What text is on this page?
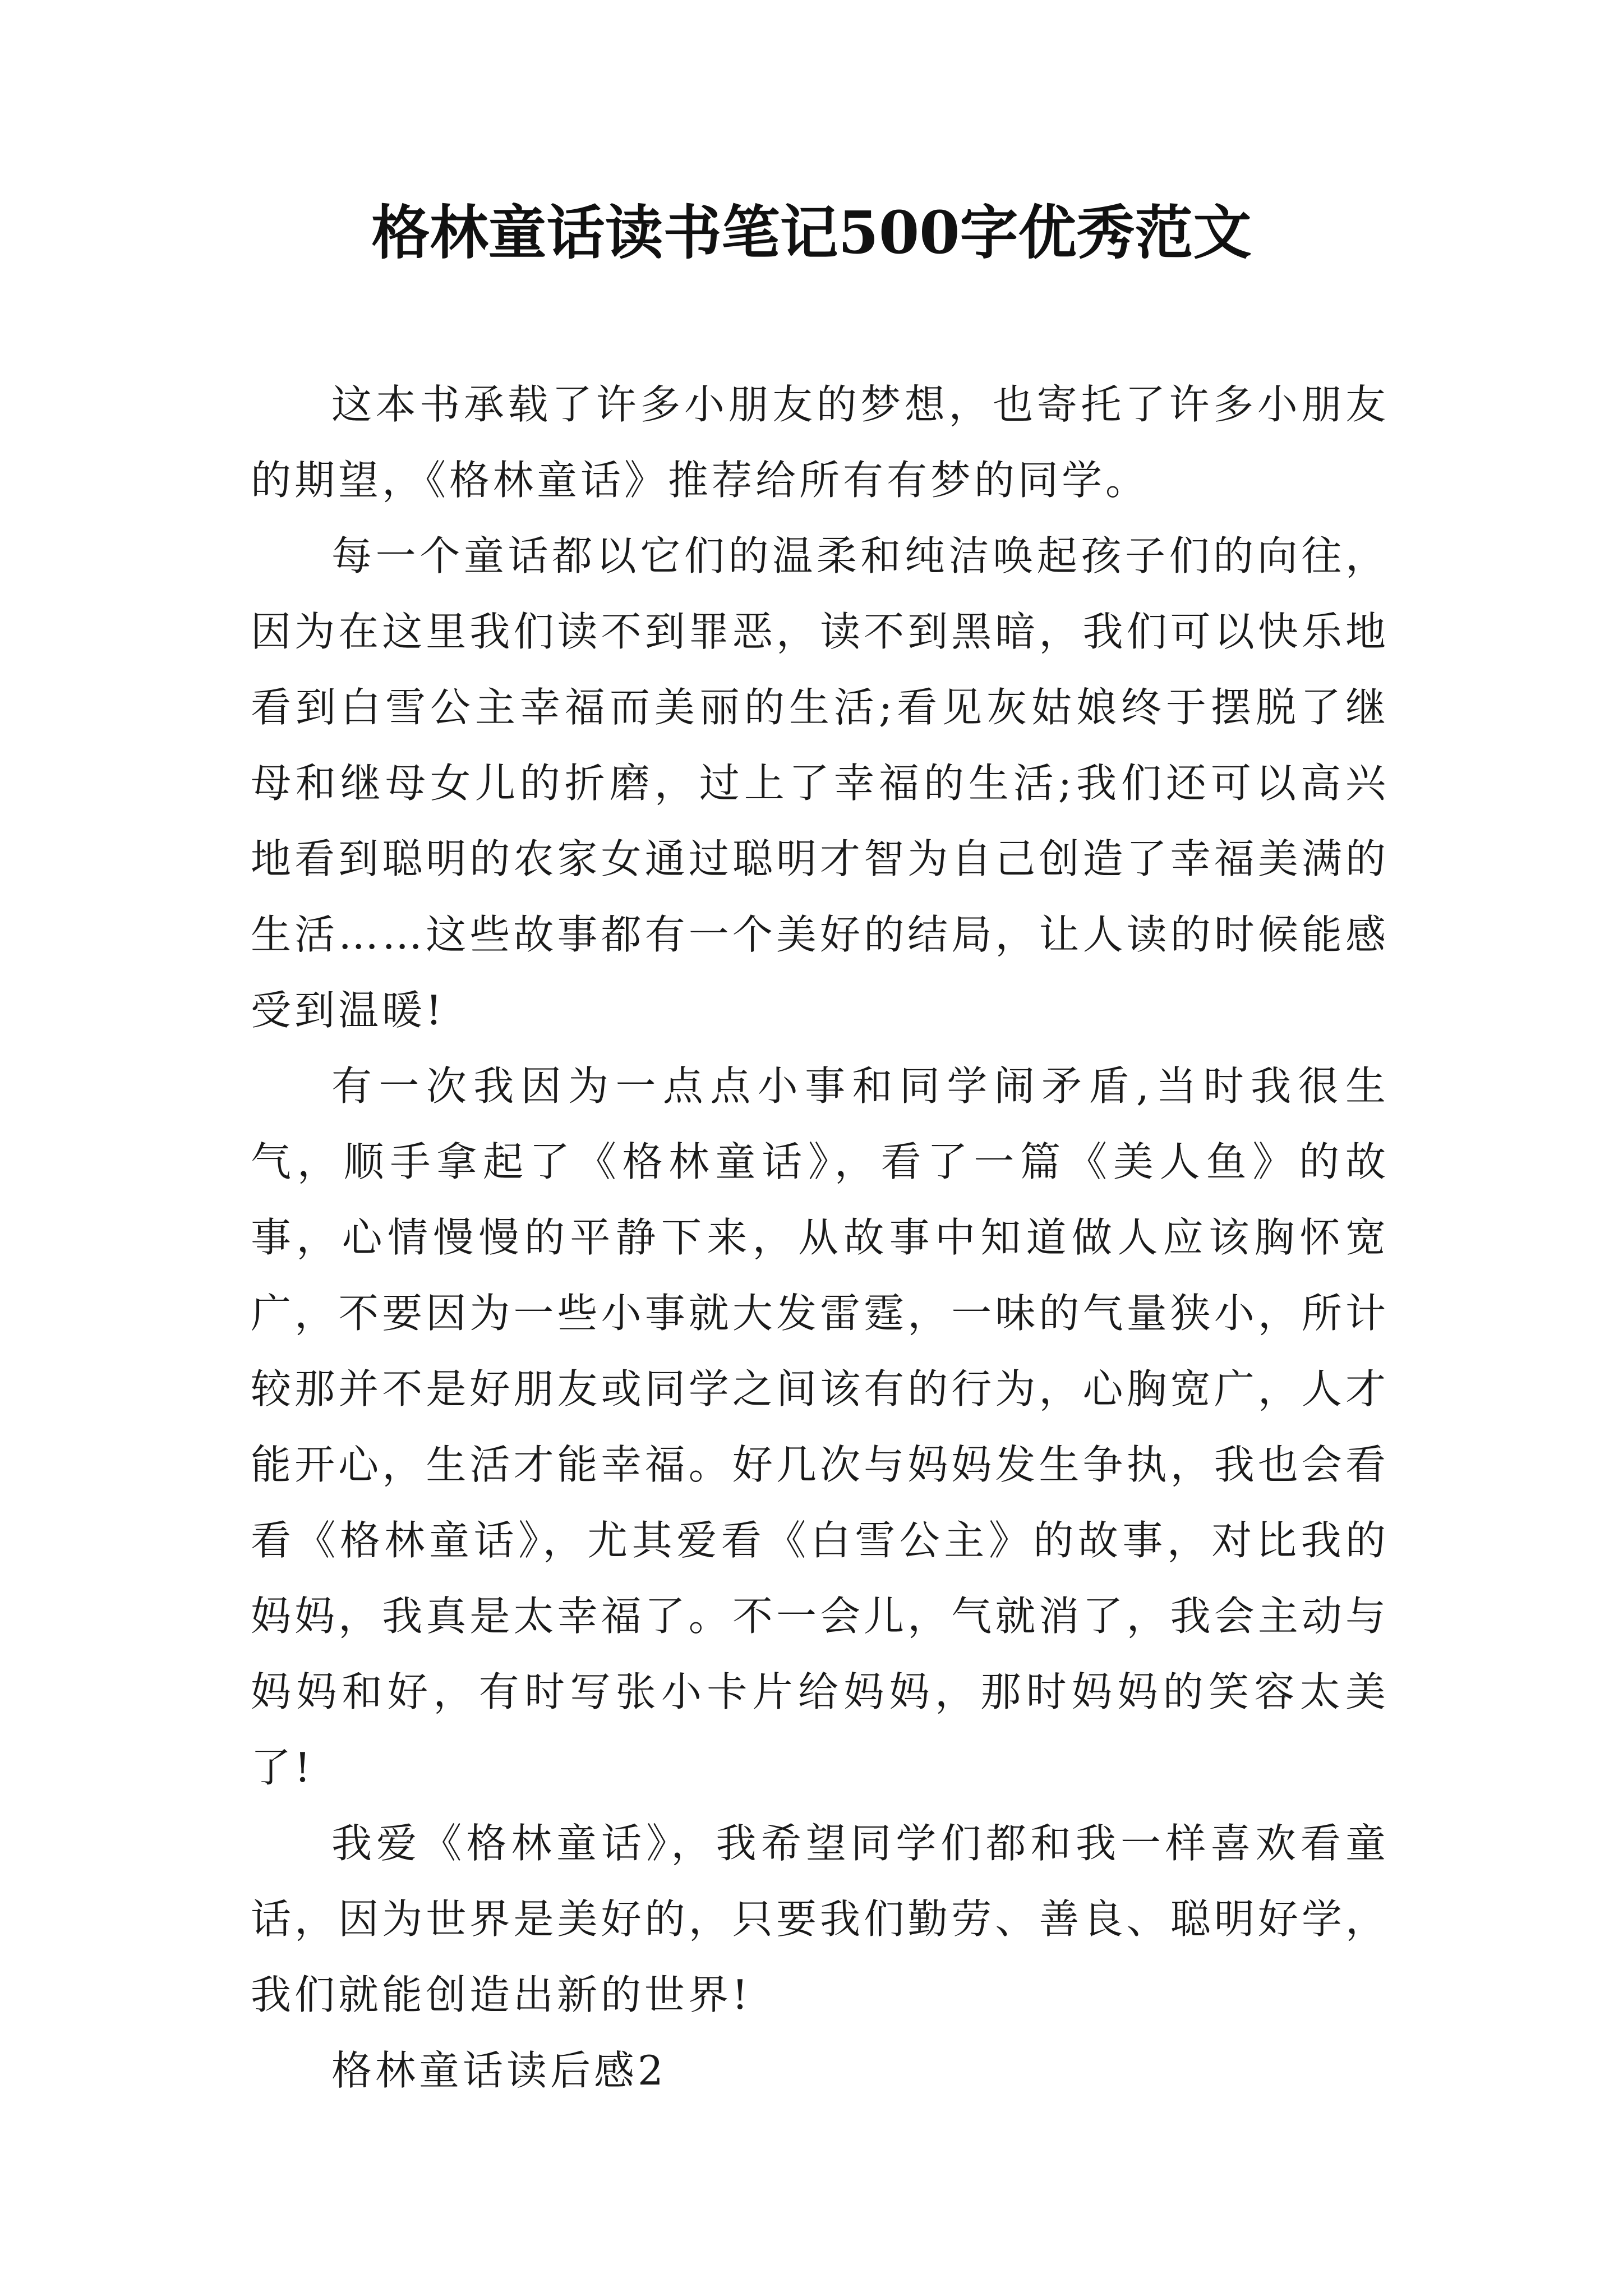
格林童话读书笔记500字优秀范文

这本书承载了许多小朋友的梦想，也寄托了许多小朋友的期望，《格林童话》推荐给所有有梦的同学。

每一个童话都以它们的温柔和纯洁唤起孩子们的向往，因为在这里我们读不到罪恶，读不到黑暗，我们可以快乐地看到白雪公主幸福而美丽的生活;看见灰姑娘终于摆脱了继母和继母女儿的折磨，过上了幸福的生活;我们还可以高兴地看到聪明的农家女通过聪明才智为自己创造了幸福美满的生活……这些故事都有一个美好的结局，让人读的时候能感受到温暖!

有一次我因为一点点小事和同学闹矛盾,当时我很生气，顺手拿起了《格林童话》，看了一篇《美人鱼》的故事，心情慢慢的平静下来，从故事中知道做人应该胸怀宽广，不要因为一些小事就大发雷霆，一味的气量狭小，所计较那并不是好朋友或同学之间该有的行为，心胸宽广，人才能开心，生活才能幸福。好几次与妈妈发生争执，我也会看看《格林童话》，尤其爱看《白雪公主》的故事，对比我的妈妈，我真是太幸福了。不一会儿，气就消了，我会主动与妈妈和好，有时写张小卡片给妈妈，那时妈妈的笑容太美了!

我爱《格林童话》，我希望同学们都和我一样喜欢看童话，因为世界是美好的，只要我们勤劳、善良、聪明好学，我们就能创造出新的世界!

格林童话读后感2
